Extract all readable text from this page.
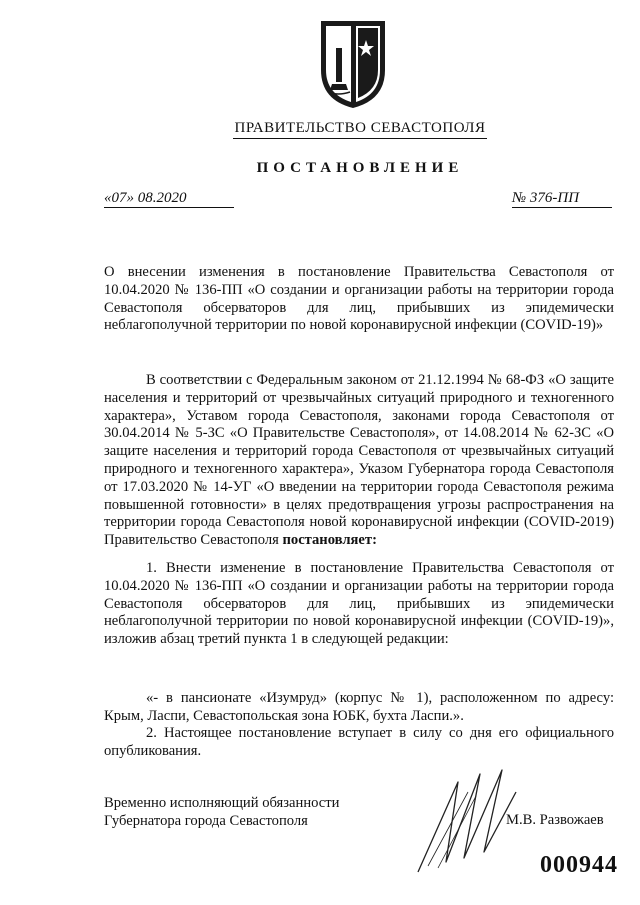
ПРАВИТЕЛЬСТВО СЕВАСТОПОЛЯ
ПОСТАНОВЛЕНИЕ
«07» 08.2020	№ 376-ПП
О внесении изменения в постановление Правительства Севастополя от 10.04.2020 № 136-ПП «О создании и организации работы на территории города Севастополя обсерваторов для лиц, прибывших из эпидемически неблагополучной территории по новой коронавирусной инфекции (COVID-19)»
В соответствии с Федеральным законом от 21.12.1994 № 68-ФЗ «О защите населения и территорий от чрезвычайных ситуаций природного и техногенного характера», Уставом города Севастополя, законами города Севастополя от 30.04.2014 № 5-ЗС «О Правительстве Севастополя», от 14.08.2014 № 62-ЗС «О защите населения и территорий города Севастополя от чрезвычайных ситуаций природного и техногенного характера», Указом Губернатора города Севастополя от 17.03.2020 № 14-УГ «О введении на территории города Севастополя режима повышенной готовности» в целях предотвращения угрозы распространения на территории города Севастополя новой коронавирусной инфекции (COVID-2019) Правительство Севастополя постановляет:
1. Внести изменение в постановление Правительства Севастополя от 10.04.2020 № 136-ПП «О создании и организации работы на территории города Севастополя обсерваторов для лиц, прибывших из эпидемически неблагополучной территории по новой коронавирусной инфекции (COVID-19)», изложив абзац третий пункта 1 в следующей редакции:
«- в пансионате «Изумруд» (корпус № 1), расположенном по адресу: Крым, Ласпи, Севастопольская зона ЮБК, бухта Ласпи.».
2. Настоящее постановление вступает в силу со дня его официального опубликования.
Временно исполняющий обязанности
Губернатора города Севастополя	М.В. Развожаев
000944
